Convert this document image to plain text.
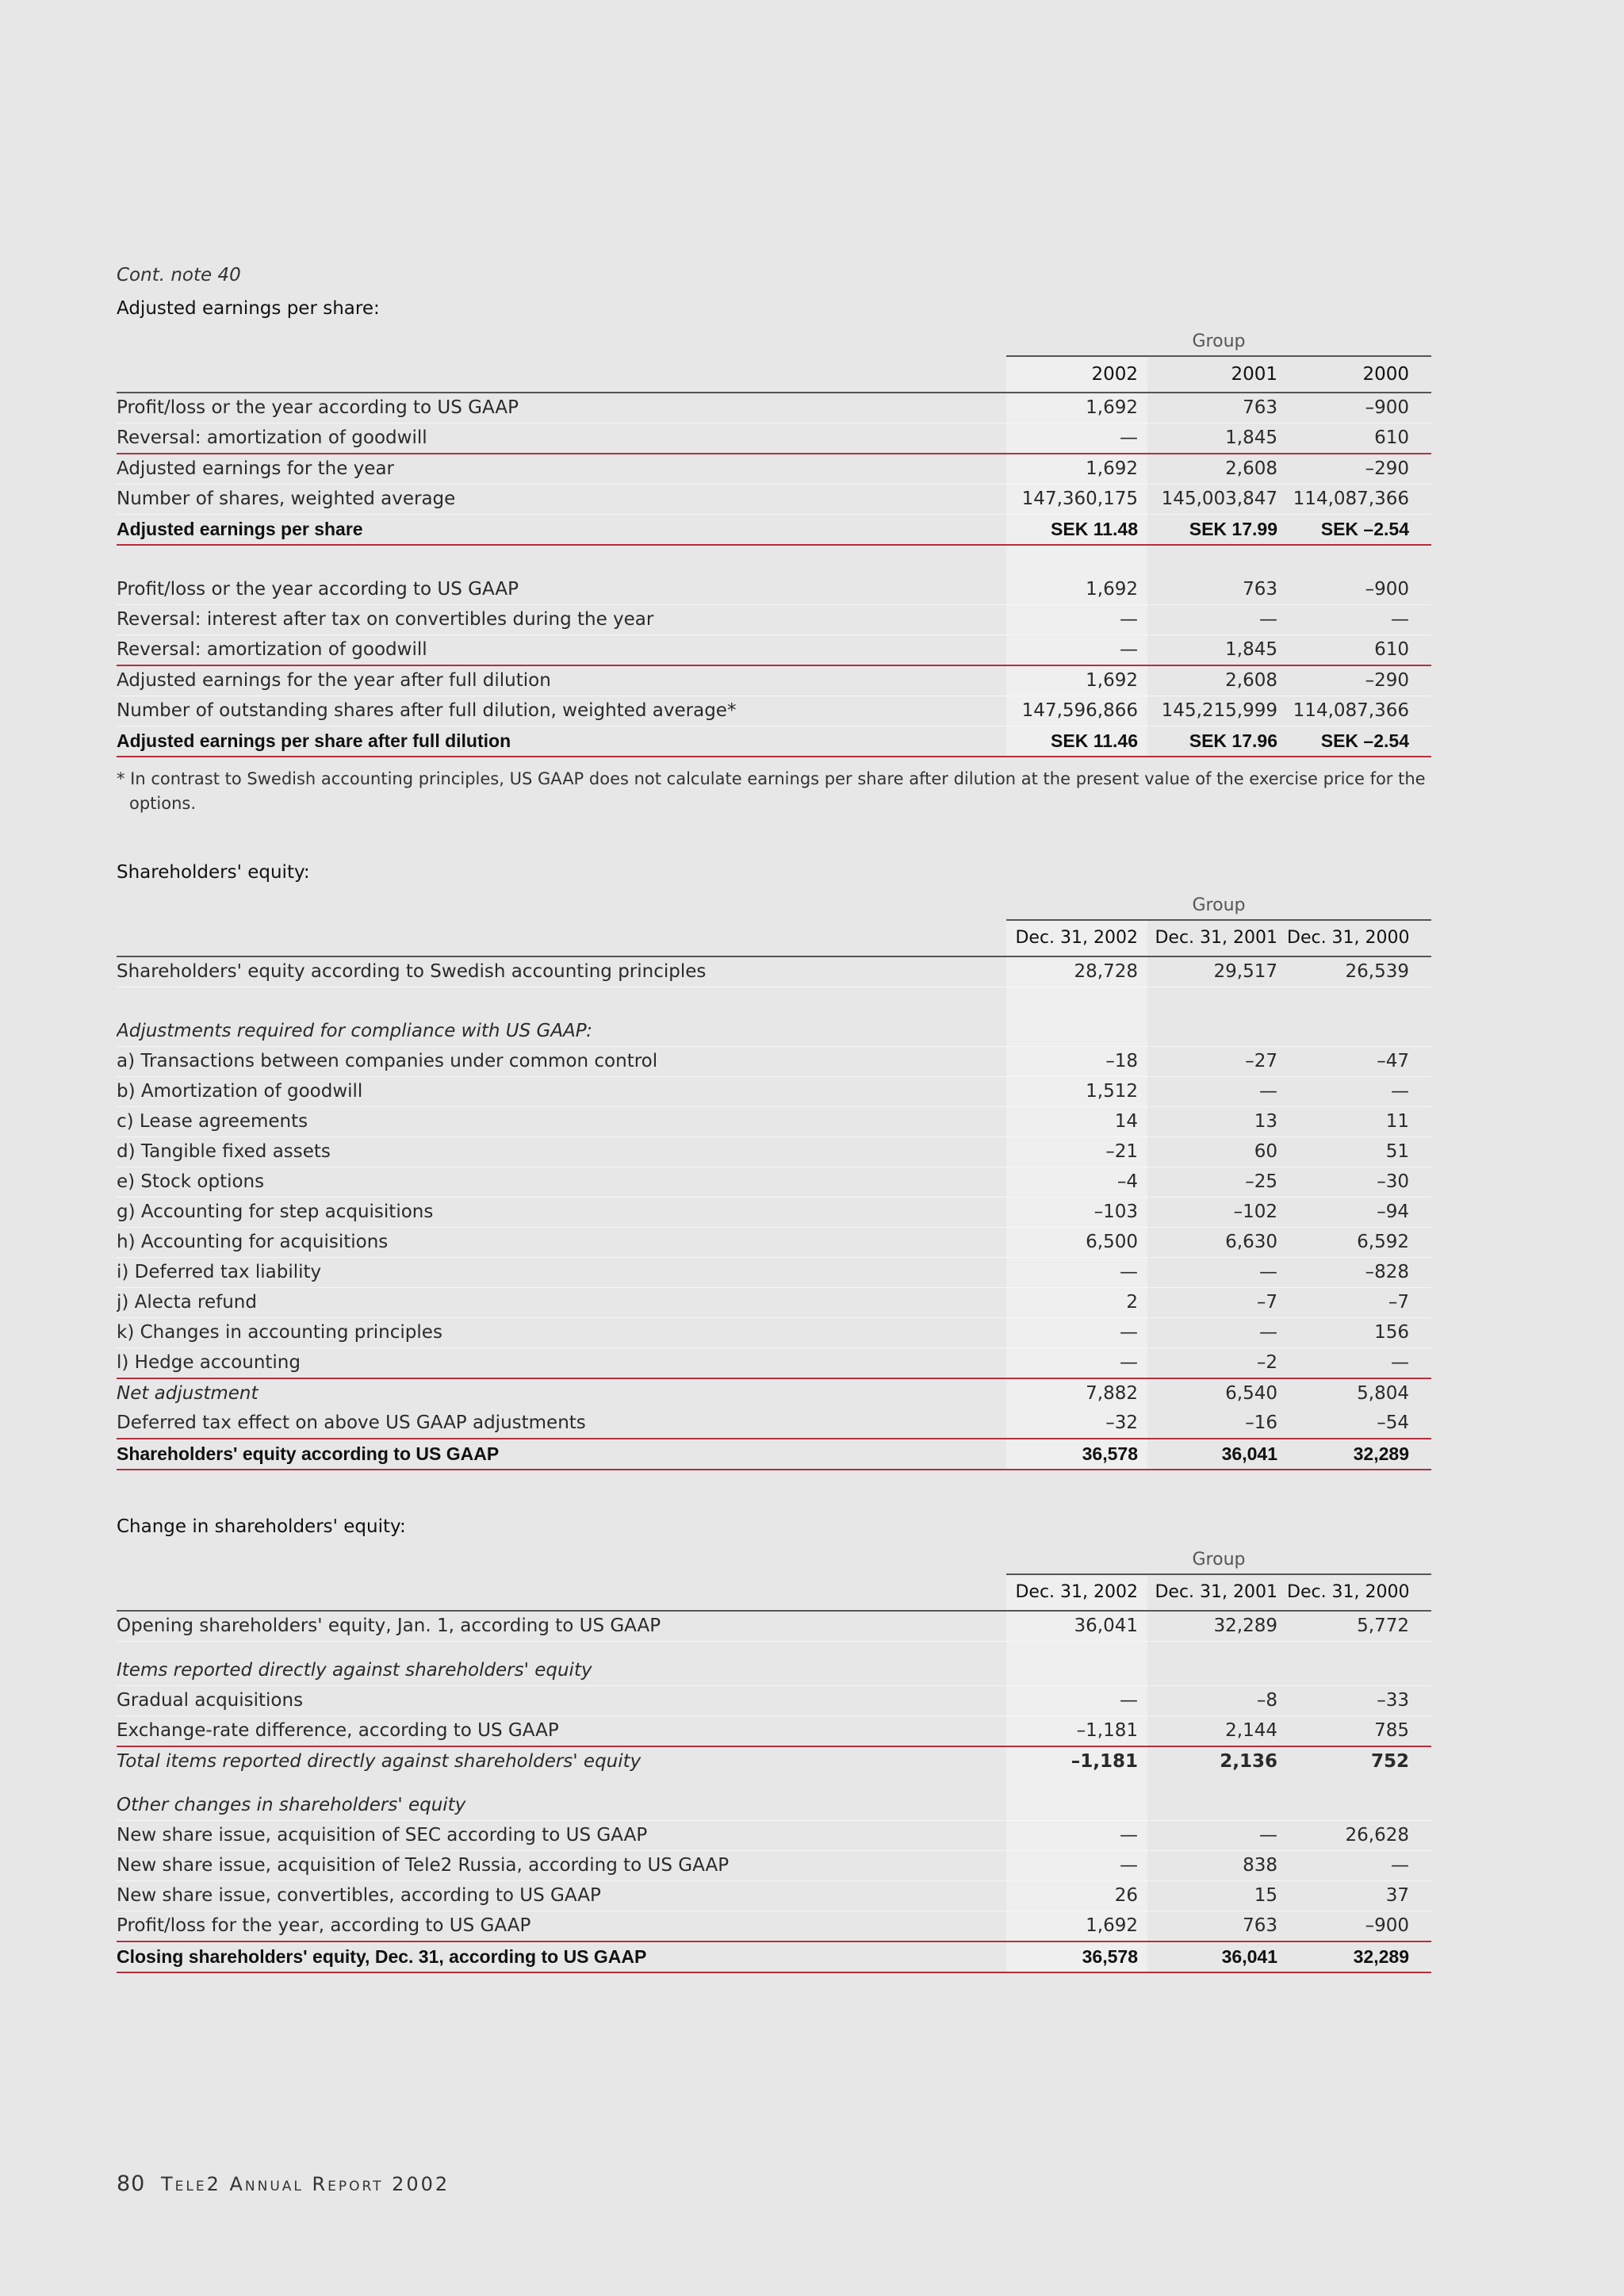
Cont. note 40
Adjusted earnings per share:
	Group		
	2002	2001	2000
Profit/loss or the year according to US GAAP	1,692	763	–900
Reversal: amortization of goodwill	—	1,845	610
Adjusted earnings for the year	1,692	2,608	–290
Number of shares, weighted average	147,360,175	145,003,847	114,087,366
Adjusted earnings per share	SEK 11.48	SEK 17.99	SEK –2.54

Profit/loss or the year according to US GAAP	1,692	763	–900
Reversal: interest after tax on convertibles during the year	—	—	—
Reversal: amortization of goodwill	—	1,845	610
Adjusted earnings for the year after full dilution	1,692	2,608	–290
Number of outstanding shares after full dilution, weighted average*	147,596,866	145,215,999	114,087,366
Adjusted earnings per share after full dilution	SEK 11.46	SEK 17.96	SEK –2.54
* In contrast to Swedish accounting principles, US GAAP does not calculate earnings per share after dilution at the present value of the exercise price for the options.
Shareholders' equity:
	Group		
	Dec. 31, 2002	Dec. 31, 2001	Dec. 31, 2000
Shareholders' equity according to Swedish accounting principles	28,728	29,517	26,539

Adjustments required for compliance with US GAAP:			
a) Transactions between companies under common control	–18	–27	–47
b) Amortization of goodwill	1,512	—	—
c) Lease agreements	14	13	11
d) Tangible fixed assets	–21	60	51
e) Stock options	–4	–25	–30
g) Accounting for step acquisitions	–103	–102	–94
h) Accounting for acquisitions	6,500	6,630	6,592
i) Deferred tax liability	—	—	–828
j) Alecta refund	2	–7	–7
k) Changes in accounting principles	—	—	156
l) Hedge accounting	—	–2	—
Net adjustment	7,882	6,540	5,804
Deferred tax effect on above US GAAP adjustments	–32	–16	–54
Shareholders' equity according to US GAAP	36,578	36,041	32,289
Change in shareholders' equity:
	Group		
	Dec. 31, 2002	Dec. 31, 2001	Dec. 31, 2000
Opening shareholders' equity, Jan. 1, according to US GAAP	36,041	32,289	5,772

Items reported directly against shareholders' equity			
Gradual acquisitions	—	–8	–33
Exchange-rate difference, according to US GAAP	–1,181	2,144	785
Total items reported directly against shareholders' equity	–1,181	2,136	752

Other changes in shareholders' equity			
New share issue, acquisition of SEC according to US GAAP	—	—	26,628
New share issue, acquisition of Tele2 Russia, according to US GAAP	—	838	—
New share issue, convertibles, according to US GAAP	26	15	37
Profit/loss for the year, according to US GAAP	1,692	763	–900
Closing shareholders' equity, Dec. 31, according to US GAAP	36,578	36,041	32,289
80 Tele2 Annual Report 2002
